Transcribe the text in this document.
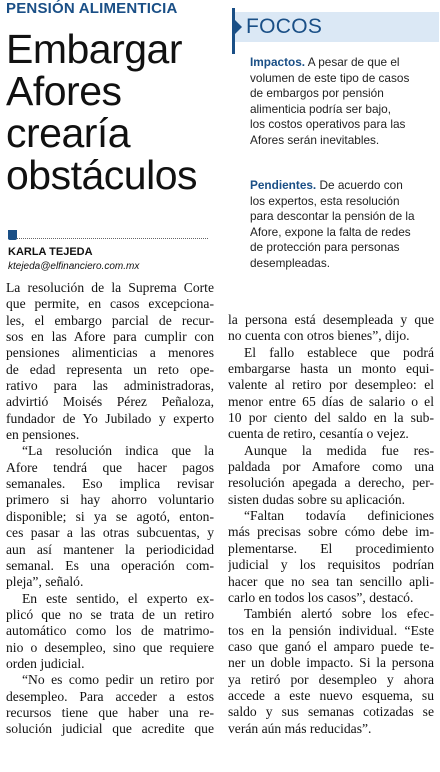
PENSIÓN ALIMENTICIA
Embargar
Afores
crearía
obstáculos
KARLA TEJEDA
ktejeda@elfinanciero.com.mx
FOCOS
Impactos. A pesar de que el
volumen de este tipo de casos
de embargos por pensión
alimenticia podría ser bajo,
los costos operativos para las
Afores serán inevitables.
Pendientes. De acuerdo con
los expertos, esta resolución
para descontar la pensión de la
Afore, expone la falta de redes
de protección para personas
desempleadas.
La resolución de la Suprema Corte
que permite, en casos excepciona-
les, el embargo parcial de recur-
sos en las Afore para cumplir con
pensiones alimenticias a menores
de edad representa un reto ope-
rativo para las administradoras,
advirtió Moisés Pérez Peñaloza,
fundador de Yo Jubilado y experto
en pensiones.
“La resolución indica que la
Afore tendrá que hacer pagos
semanales. Eso implica revisar
primero si hay ahorro voluntario
disponible; si ya se agotó, enton-
ces pasar a las otras subcuentas, y
aun así mantener la periodicidad
semanal. Es una operación com-
pleja”, señaló.
En este sentido, el experto ex-
plicó que no se trata de un retiro
automático como los de matrimo-
nio o desempleo, sino que requiere
orden judicial.
“No es como pedir un retiro por
desempleo. Para acceder a estos
recursos tiene que haber una re-
solución judicial que acredite que
la persona está desempleada y que
no cuenta con otros bienes”, dijo.
El fallo establece que podrá
embargarse hasta un monto equi-
valente al retiro por desempleo: el
menor entre 65 días de salario o el
10 por ciento del saldo en la sub-
cuenta de retiro, cesantía o vejez.
Aunque la medida fue res-
paldada por Amafore como una
resolución apegada a derecho, per-
sisten dudas sobre su aplicación.
“Faltan todavía definiciones
más precisas sobre cómo debe im-
plementarse. El procedimiento
judicial y los requisitos podrían
hacer que no sea tan sencillo apli-
carlo en todos los casos”, destacó.
También alertó sobre los efec-
tos en la pensión individual. “Este
caso que ganó el amparo puede te-
ner un doble impacto. Si la persona
ya retiró por desempleo y ahora
accede a este nuevo esquema, su
saldo y sus semanas cotizadas se
verán aún más reducidas”.
